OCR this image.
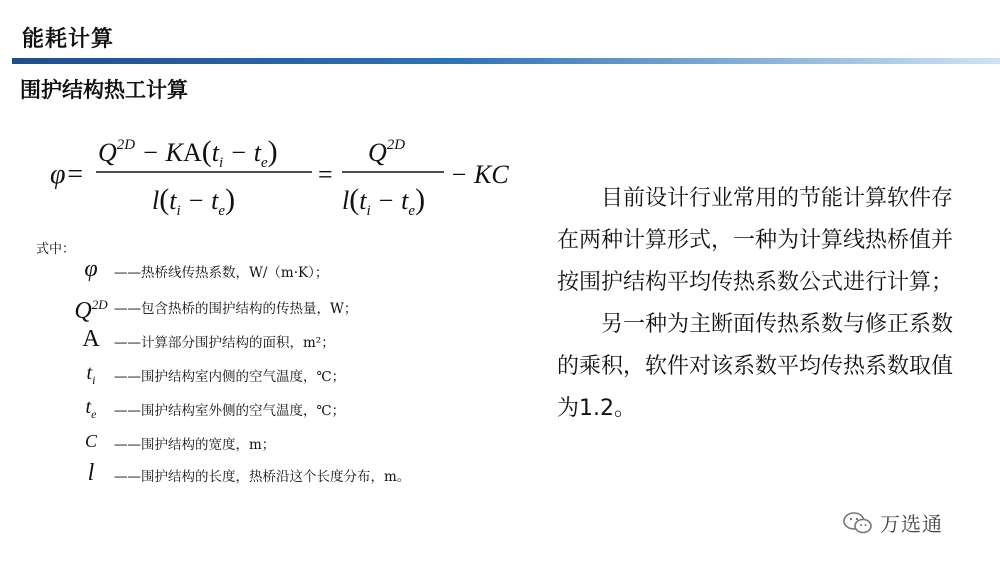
能耗计算
围护结构热工计算
φ=
$Q^{2D} - KA(t_i - t_e)$
$l(t_i - t_e)$
=
$Q^{2D}$
$l(t_i - t_e)$
− KC
式中：
φ	——热桥线传热系数，W/（m·K）；
$Q^{2D}$ ——包含热桥的围护结构的传热量，W；
A	——计算部分围护结构的面积，m²；
$t_i$	——围护结构室内侧的空气温度，℃；
$t_e$	——围护结构室外侧的空气温度，℃；
C	——围护结构的宽度，m；
l	——围护结构的长度，热桥沿这个长度分布，m。

目前设计行业常用的节能计算软件存在两种计算形式，一种为计算线热桥值并按围护结构平均传热系数公式进行计算；

另一种为主断面传热系数与修正系数的乘积，软件对该系数平均传热系数取值为1.2。

万选通
